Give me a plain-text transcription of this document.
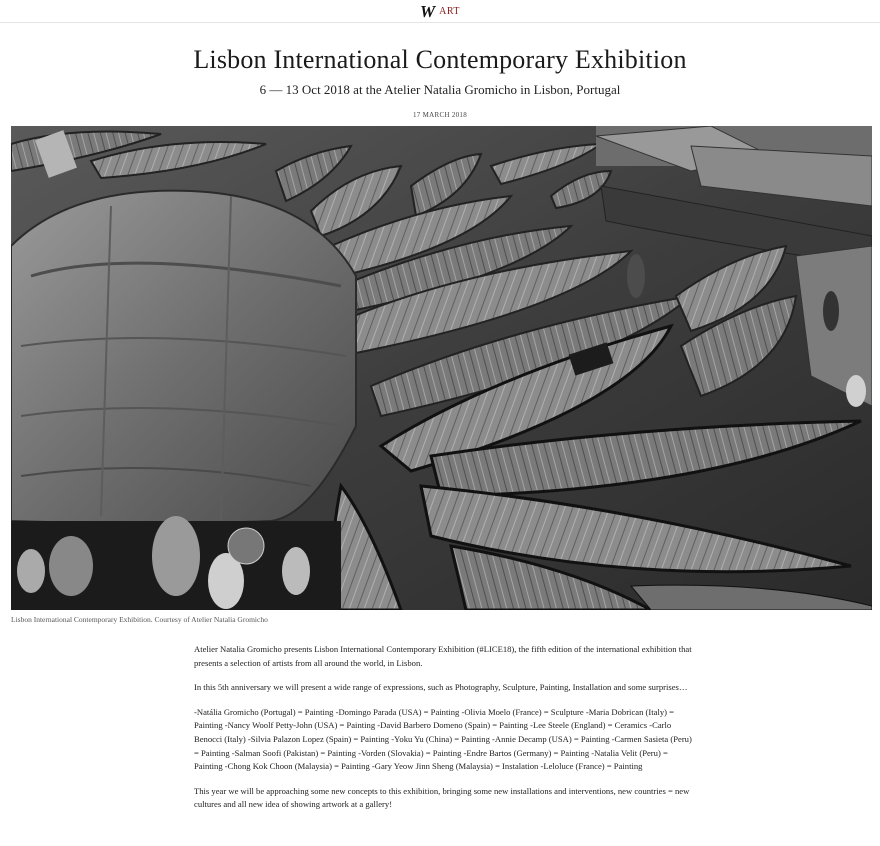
W ART
Lisbon International Contemporary Exhibition
6 — 13 Oct 2018 at the Atelier Natalia Gromicho in Lisbon, Portugal
17 MARCH 2018
Lisbon International Contemporary Exhibition. Courtesy of Atelier Natalia Gromicho

Atelier Natalia Gromicho presents Lisbon International Contemporary Exhibition (#LICE18), the fifth edition of the international exhibition that presents a selection of artists from all around the world, in Lisbon.

In this 5th anniversary we will present a wide range of expressions, such as Photography, Sculpture, Painting, Installation and some surprises…

-Natália Gromicho (Portugal) = Painting -Domingo Parada (USA) = Painting -Olivia Moelo (France) = Sculpture -Maria Dobrican (Italy) = Painting -Nancy Woolf Petty-John (USA) = Painting -David Barbero Domeno (Spain) = Painting -Lee Steele (England) = Ceramics -Carlo Benocci (Italy) -Silvia Palazon Lopez (Spain) = Painting -Yoku Yu (China) = Painting -Annie Decamp (USA) = Painting -Carmen Sasieta (Peru) = Painting -Salman Soofi (Pakistan) = Painting -Vorden (Slovakia) = Painting -Endre Bartos (Germany) = Painting -Natalia Velit (Peru) = Painting -Chong Kok Choon (Malaysia) = Painting -Gary Yeow Jinn Sheng (Malaysia) = Instalation -Leloluce (France) = Painting

This year we will be approaching some new concepts to this exhibition, bringing some new installations and interventions, new countries = new cultures and all new idea of showing artwork at a gallery!
